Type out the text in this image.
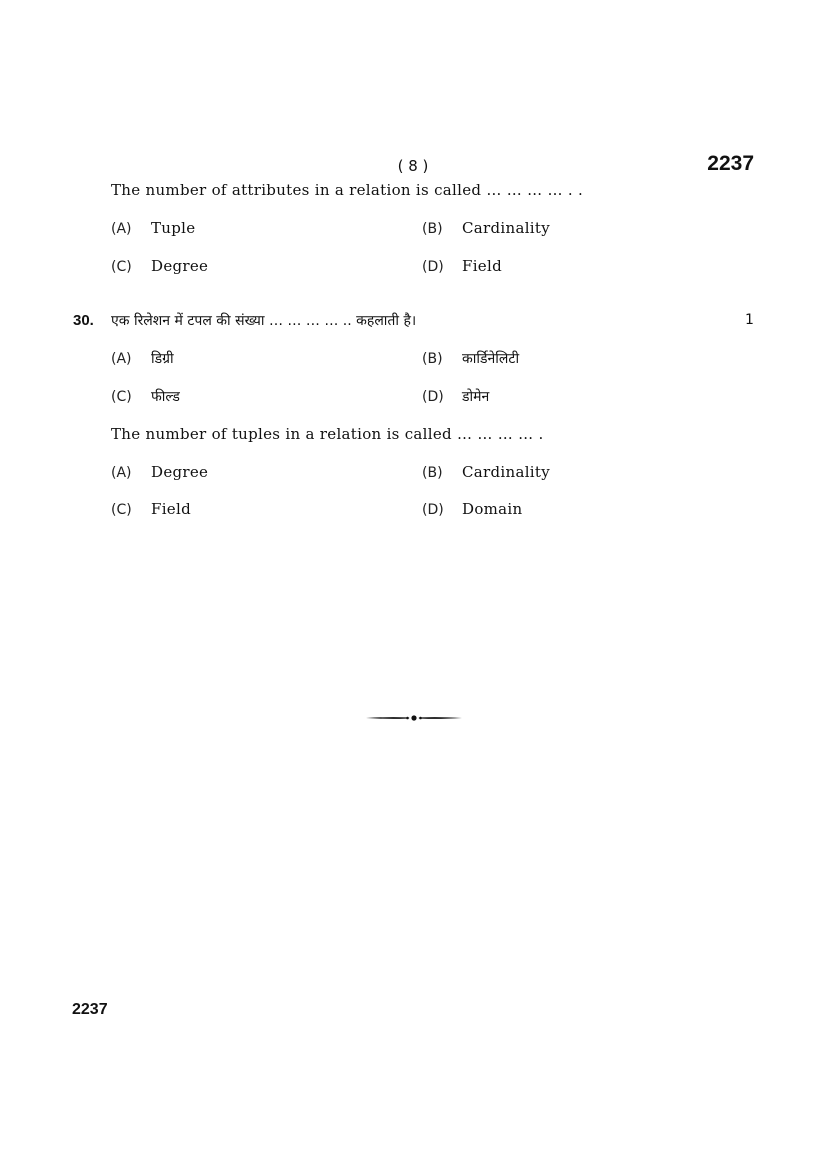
( 8 )	2237
The number of attributes in a relation is called … … … … . .
(A) Tuple	(B) Cardinality
(C) Degree	(D) Field
30. एक रिलेशन में टपल की संख्या … … … … .. कहलाती है।	1
(A) डिग्री	(B) कार्डिनेलिटी
(C) फील्ड	(D) डोमेन
The number of tuples in a relation is called … … … … .
(A) Degree	(B) Cardinality
(C) Field	(D) Domain
2237
